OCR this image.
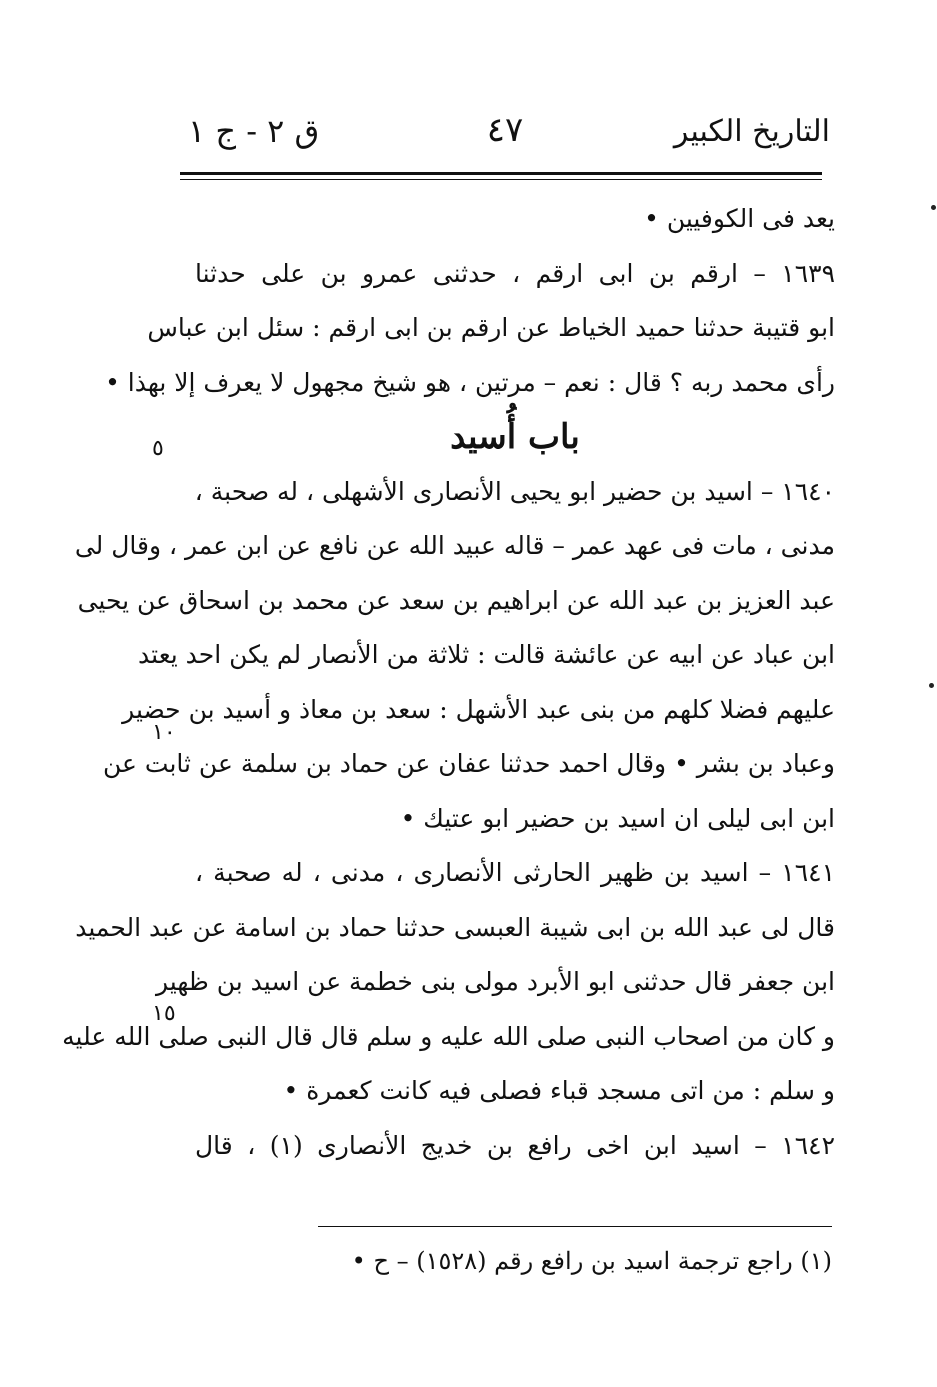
التاريخ الكبير
٤٧
ق ٢ - ج ١
يعد فى الكوفيين •
١٦٣٩ – ارقم بن ابى ارقم ، حدثنى عمرو بن على حدثنا
ابو قتيبة حدثنا حميد الخياط عن ارقم بن ابى ارقم : سئل ابن عباس
رأى محمد ربه ؟ قال : نعم – مرتين ، هو شيخ مجهول لا يعرف إلا بهذا •
باب أُسيد
١٦٤٠ – اسيد بن حضير ابو يحيى الأنصارى الأشهلى ، له صحبة ،
مدنى ، مات فى عهد عمر – قاله عبيد الله عن نافع عن ابن عمر ، وقال لى
عبد العزيز بن عبد الله عن ابراهيم بن سعد عن محمد بن اسحاق عن يحيى
ابن عباد عن ابيه عن عائشة قالت : ثلاثة من الأنصار لم يكن احد يعتد
عليهم فضلا كلهم من بنى عبد الأشهل : سعد بن معاذ و أسيد بن حضير
وعباد بن بشر • وقال احمد حدثنا عفان عن حماد بن سلمة عن ثابت عن
ابن ابى ليلى ان اسيد بن حضير ابو عتيك •
١٦٤١ – اسيد بن ظهير الحارثى الأنصارى ، مدنى ، له صحبة ،
قال لى عبد الله بن ابى شيبة العبسى حدثنا حماد بن اسامة عن عبد الحميد
ابن جعفر قال حدثنى ابو الأبرد مولى بنى خطمة عن اسيد بن ظهير
و كان من اصحاب النبى صلى الله عليه و سلم قال قال النبى صلى الله عليه
و سلم : من اتى مسجد قباء فصلى فيه كانت كعمرة •
١٦٤٢ – اسيد ابن اخى رافع بن خديج الأنصارى (١) ، قال
٥
١٠
١٥
(١) راجع ترجمة اسيد بن رافع رقم (١٥٢٨) – ح •
